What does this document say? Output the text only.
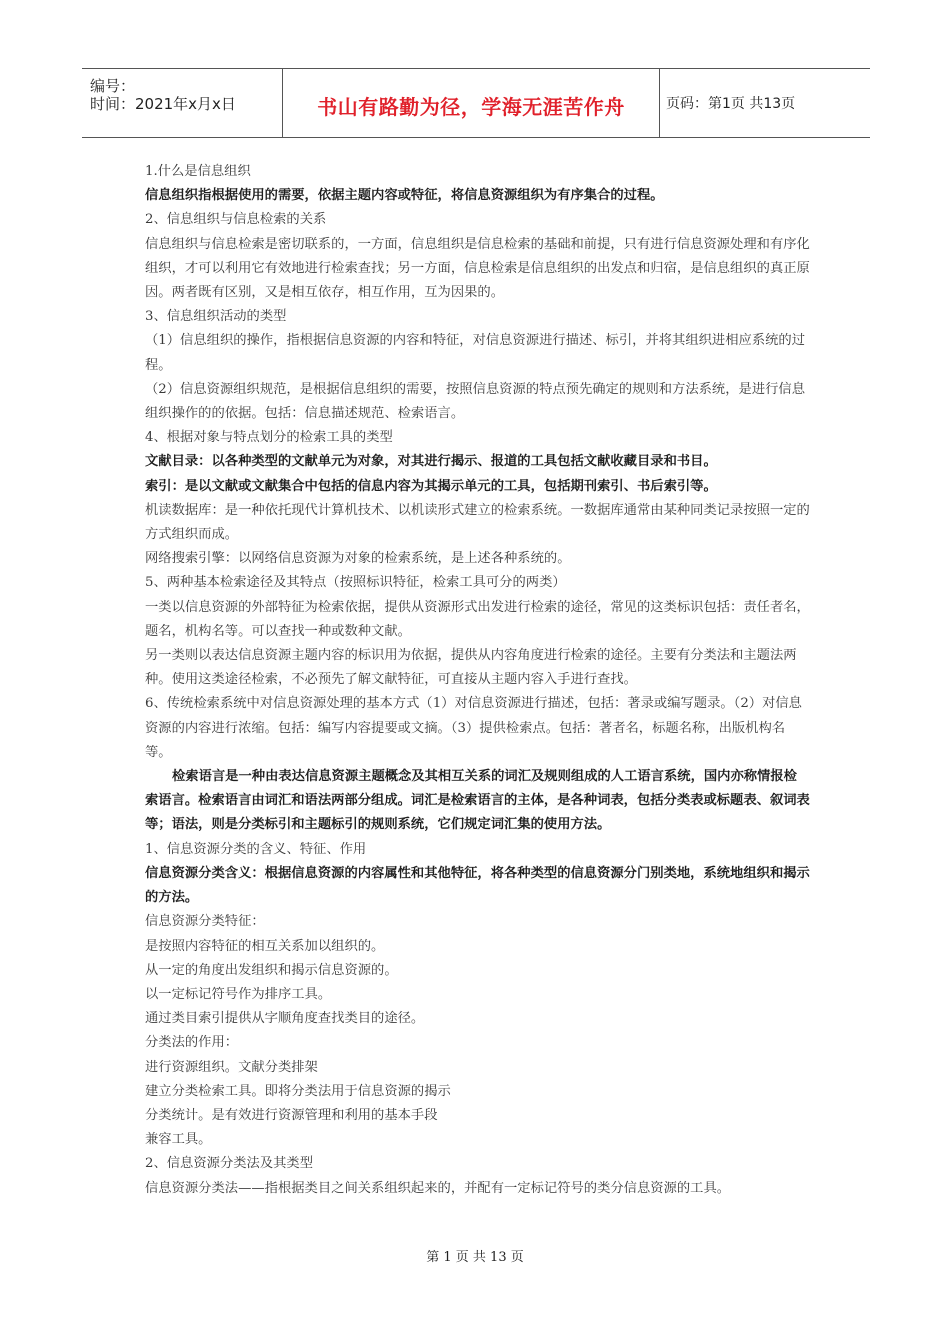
编号：
时间：2021年x月x日	书山有路勤为径，学海无涯苦作舟	页码：第1页 共13页

1.什么是信息组织

信息组织指根据使用的需要，依据主题内容或特征，将信息资源组织为有序集合的过程。

2、信息组织与信息检索的关系

信息组织与信息检索是密切联系的，一方面，信息组织是信息检索的基础和前提，只有进行信息资源处理和有序化组织，才可以利用它有效地进行检索查找；另一方面，信息检索是信息组织的出发点和归宿，是信息组织的真正原因。两者既有区别，又是相互依存，相互作用，互为因果的。

3、信息组织活动的类型

（1）信息组织的操作，指根据信息资源的内容和特征，对信息资源进行描述、标引，并将其组织进相应系统的过程。

（2）信息资源组织规范，是根据信息组织的需要，按照信息资源的特点预先确定的规则和方法系统，是进行信息组织操作的的依据。包括：信息描述规范、检索语言。

4、根据对象与特点划分的检索工具的类型

文献目录：以各种类型的文献单元为对象，对其进行揭示、报道的工具包括文献收藏目录和书目。

索引：是以文献或文献集合中包括的信息内容为其揭示单元的工具，包括期刊索引、书后索引等。

机读数据库：是一种依托现代计算机技术、以机读形式建立的检索系统。一数据库通常由某种同类记录按照一定的方式组织而成。

网络搜索引擎：以网络信息资源为对象的检索系统，是上述各种系统的。

5、两种基本检索途径及其特点（按照标识特征，检索工具可分的两类）

一类以信息资源的外部特征为检索依据，提供从资源形式出发进行检索的途径，常见的这类标识包括：责任者名，题名，机构名等。可以查找一种或数种文献。

另一类则以表达信息资源主题内容的标识用为依据，提供从内容角度进行检索的途径。主要有分类法和主题法两种。使用这类途径检索，不必预先了解文献特征，可直接从主题内容入手进行查找。

6、传统检索系统中对信息资源处理的基本方式（1）对信息资源进行描述，包括：著录或编写题录。（2）对信息资源的内容进行浓缩。包括：编写内容提要或文摘。（3）提供检索点。包括：著者名，标题名称，出版机构名等。

检索语言是一种由表达信息资源主题概念及其相互关系的词汇及规则组成的人工语言系统，国内亦称情报检索语言。检索语言由词汇和语法两部分组成。词汇是检索语言的主体，是各种词表，包括分类表或标题表、叙词表等；语法，则是分类标引和主题标引的规则系统，它们规定词汇集的使用方法。

1、信息资源分类的含义、特征、作用

信息资源分类含义：根据信息资源的内容属性和其他特征，将各种类型的信息资源分门别类地，系统地组织和揭示的方法。

信息资源分类特征：

是按照内容特征的相互关系加以组织的。

从一定的角度出发组织和揭示信息资源的。

以一定标记符号作为排序工具。

通过类目索引提供从字顺角度查找类目的途径。

分类法的作用：

进行资源组织。文献分类排架

建立分类检索工具。即将分类法用于信息资源的揭示

分类统计。是有效进行资源管理和利用的基本手段

兼容工具。

2、信息资源分类法及其类型

信息资源分类法——指根据类目之间关系组织起来的，并配有一定标记符号的类分信息资源的工具。

第 1 页 共 13 页
